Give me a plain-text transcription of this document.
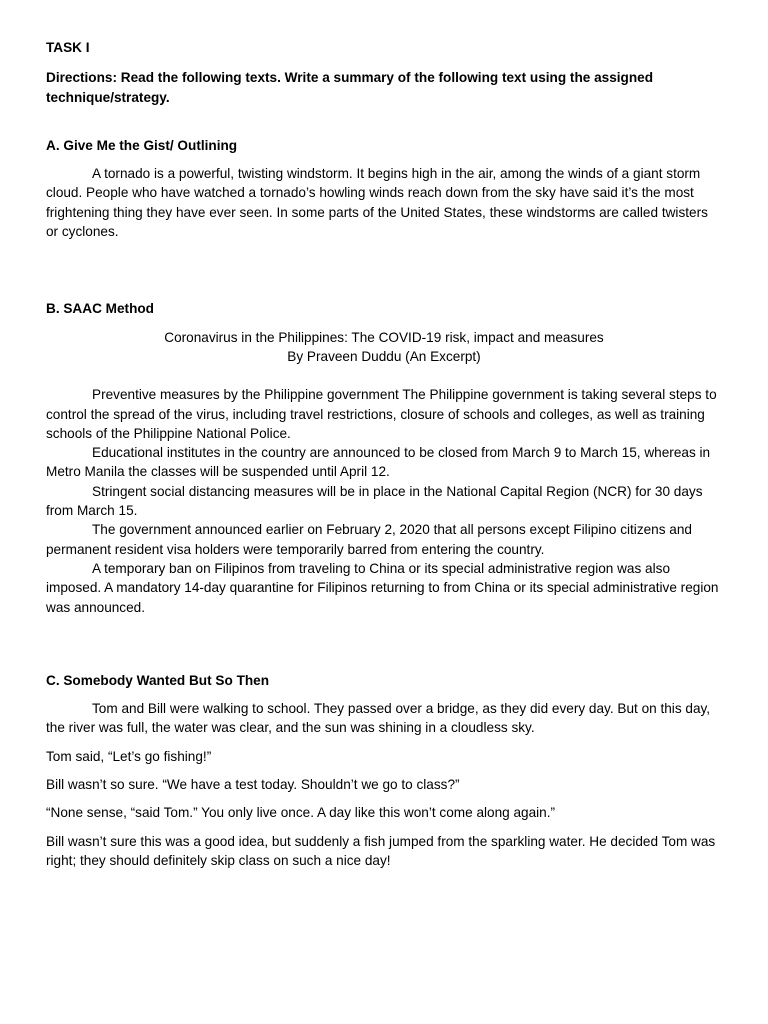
TASK I

Directions: Read the following texts. Write a summary of the following text using the assigned technique/strategy.

A. Give Me the Gist/ Outlining

A tornado is a powerful, twisting windstorm. It begins high in the air, among the winds of a giant storm cloud. People who have watched a tornado’s howling winds reach down from the sky have said it’s the most frightening thing they have ever seen. In some parts of the United States, these windstorms are called twisters or cyclones.

B. SAAC Method

Coronavirus in the Philippines: The COVID-19 risk, impact and measures
By Praveen Duddu (An Excerpt)

Preventive measures by the Philippine government The Philippine government is taking several steps to control the spread of the virus, including travel restrictions, closure of schools and colleges, as well as training schools of the Philippine National Police.

Educational institutes in the country are announced to be closed from March 9 to March 15, whereas in Metro Manila the classes will be suspended until April 12.

Stringent social distancing measures will be in place in the National Capital Region (NCR) for 30 days from March 15.

The government announced earlier on February 2, 2020 that all persons except Filipino citizens and permanent resident visa holders were temporarily barred from entering the country.

A temporary ban on Filipinos from traveling to China or its special administrative region was also imposed. A mandatory 14-day quarantine for Filipinos returning to from China or its special administrative region was announced.

C. Somebody Wanted But So Then

Tom and Bill were walking to school. They passed over a bridge, as they did every day. But on this day, the river was full, the water was clear, and the sun was shining in a cloudless sky.

Tom said, “Let’s go fishing!”

Bill wasn’t so sure. “We have a test today. Shouldn’t we go to class?”

“None sense, “said Tom.” You only live once. A day like this won’t come along again.”

Bill wasn’t sure this was a good idea, but suddenly a fish jumped from the sparkling water. He decided Tom was right; they should definitely skip class on such a nice day!
